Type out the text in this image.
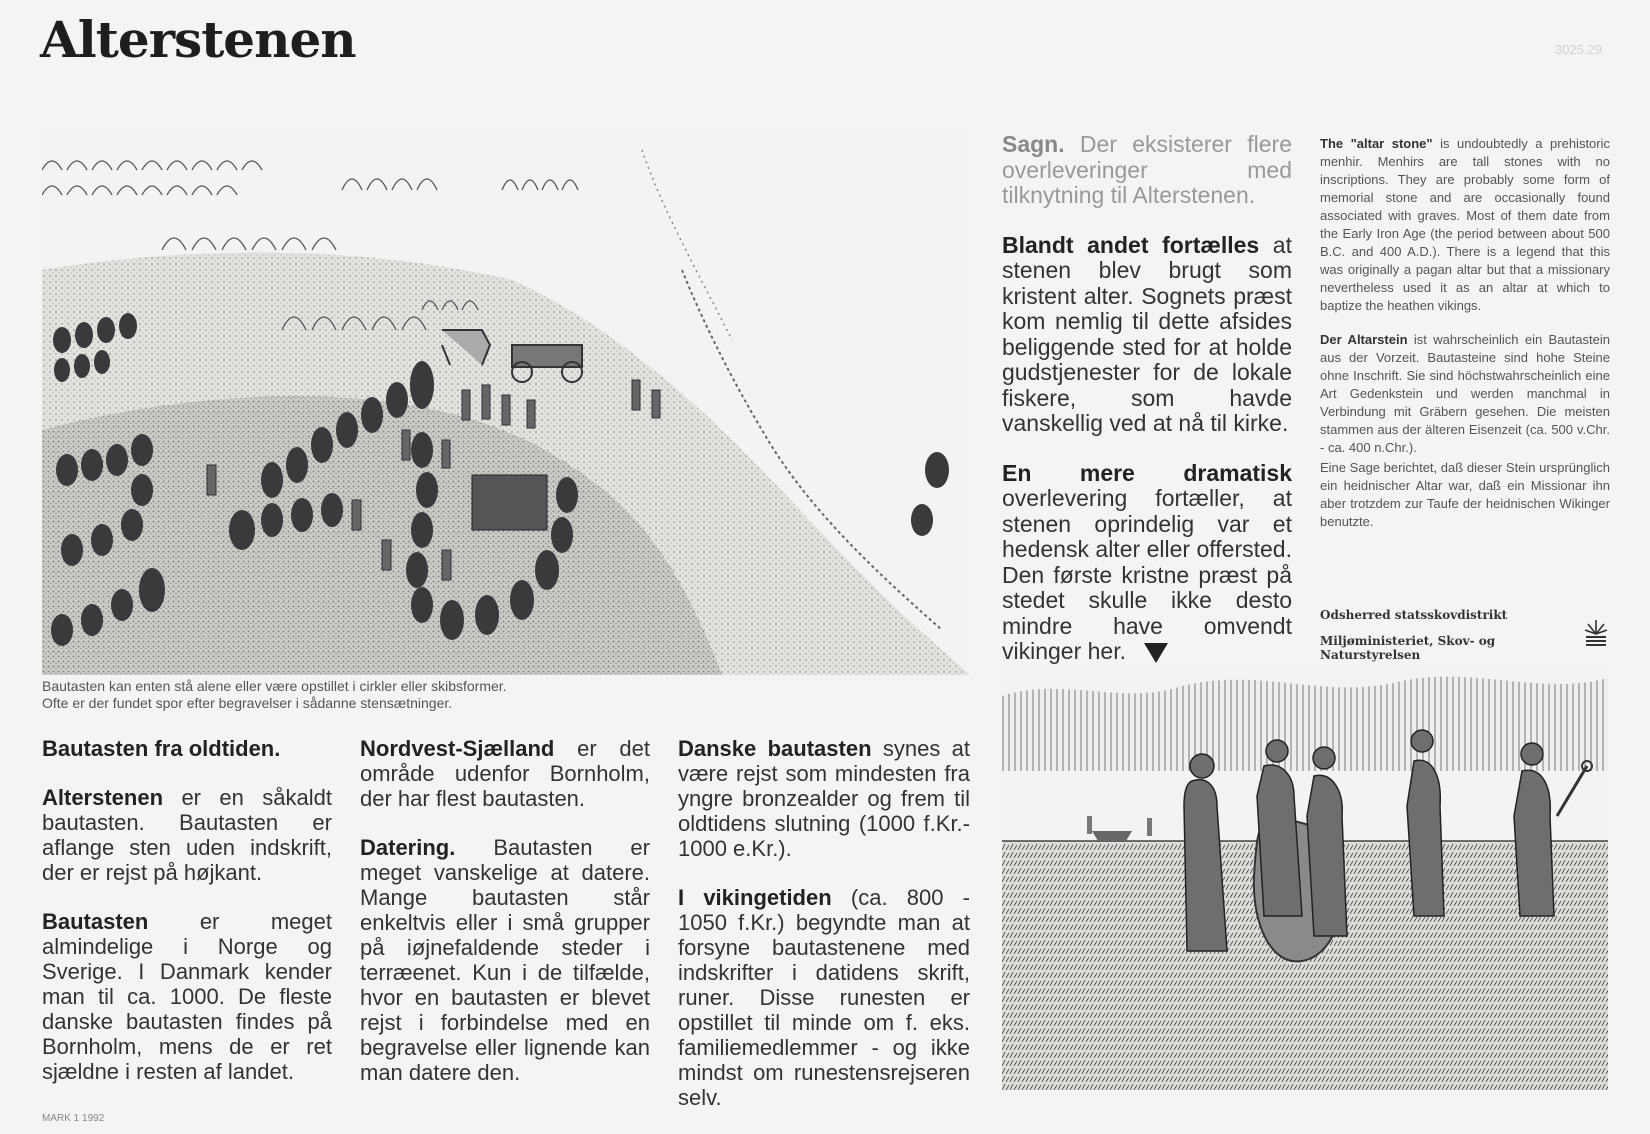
Alterstenen	3025.29
Bautasten kan enten stå alene eller være opstillet i cirkler eller skibsformer.
Ofte er der fundet spor efter begravelser i sådanne stensætninger.

Bautasten fra oldtiden.

Alterstenen er en såkaldt bautasten. Bautasten er aflange sten uden indskrift, der er rejst på højkant.

Bautasten er meget almindelige i Norge og Sverige. I Danmark kender man til ca. 1000. De fleste danske bautasten findes på Bornholm, mens de er ret sjældne i resten af landet.

Nordvest-Sjælland er det område udenfor Bornholm, der har flest bautasten.

Datering. Bautasten er meget vanskelige at datere. Mange bautasten står enkeltvis eller i små grupper på iøjnefaldende steder i terræenet. Kun i de tilfælde, hvor en bautasten er blevet rejst i forbindelse med en begravelse eller lignende kan man datere den.

Danske bautasten synes at være rejst som mindesten fra yngre bronzealder og frem til oldtidens slutning (1000 f.Kr.- 1000 e.Kr.).

I vikingetiden (ca. 800 - 1050 f.Kr.) begyndte man at forsyne bautastenene med indskrifter i datidens skrift, runer. Disse runesten er opstillet til minde om f. eks. familiemedlemmer - og ikke mindst om runestensrejseren selv.

Sagn. Der eksisterer flere overleveringer med tilknytning til Alterstenen.

Blandt andet fortælles at stenen blev brugt som kristent alter. Sognets præst kom nemlig til dette afsides beliggende sted for at holde gudstjenester for de lokale fiskere, som havde vanskellig ved at nå til kirke.

En mere dramatisk overlevering fortæller, at stenen oprindelig var et hedensk alter eller offersted. Den første kristne præst på stedet skulle ikke desto mindre have omvendt vikinger her.

The "altar stone" is undoubtedly a prehistoric menhir. Menhirs are tall stones with no inscriptions. They are probably some form of memorial stone and are occasionally found associated with graves. Most of them date from the Early Iron Age (the period between about 500 B.C. and 400 A.D.). There is a legend that this was originally a pagan altar but that a missionary nevertheless used it as an altar at which to baptize the heathen vikings.

Der Altarstein ist wahrscheinlich ein Bautastein aus der Vorzeit. Bautasteine sind hohe Steine ohne Inschrift. Sie sind höchstwahrscheinlich eine Art Gedenkstein und werden manchmal in Verbindung mit Gräbern gesehen. Die meisten stammen aus der älteren Eisenzeit (ca. 500 v.Chr. - ca. 400 n.Chr.).

Eine Sage berichtet, daß dieser Stein ursprünglich ein heidnischer Altar war, daß ein Missionar ihn aber trotzdem zur Taufe der heidnischen Wikinger benutzte.

Odsherred statsskovdistrikt
Miljøministeriet, Skov- og Naturstyrelsen
MARK 1 1992
